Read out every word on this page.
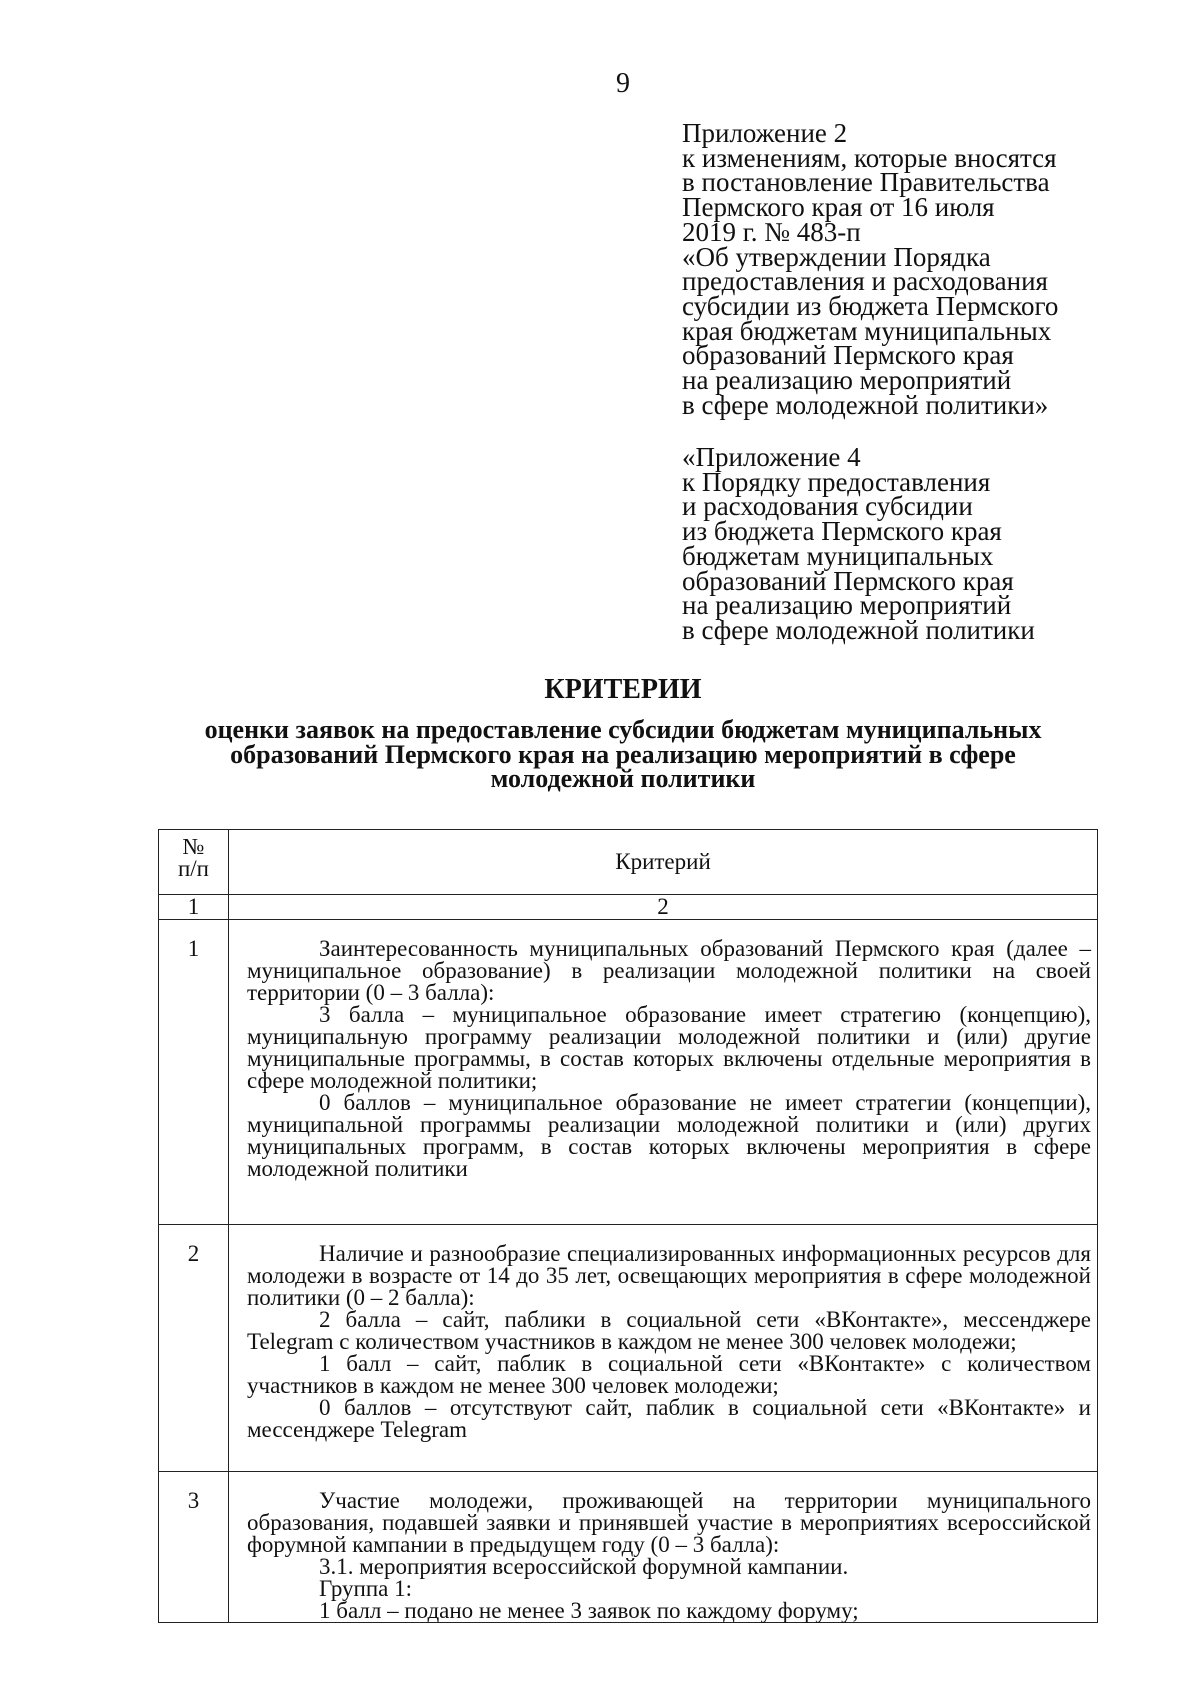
9
Приложение 2
к изменениям, которые вносятся
в постановление Правительства
Пермского края от 16 июля
2019 г. № 483-п
«Об утверждении Порядка
предоставления и расходования
субсидии из бюджета Пермского
края бюджетам муниципальных
образований Пермского края
на реализацию мероприятий
в сфере молодежной политики»
«Приложение 4
к Порядку предоставления
и расходования субсидии
из бюджета Пермского края
бюджетам муниципальных
образований Пермского края
на реализацию мероприятий
в сфере молодежной политики
КРИТЕРИИ
оценки заявок на предоставление субсидии бюджетам муниципальных
образований Пермского края на реализацию мероприятий в сфере
молодежной политики
№
п/п	Критерий
1	2
1	Заинтересованность муниципальных образований Пермского края (далее – муниципальное образование) в реализации молодежной политики на своей территории (0 – 3 балла):

3 балла – муниципальное образование имеет стратегию (концепцию), муниципальную программу реализации молодежной политики и (или) другие муниципальные программы, в состав которых включены отдельные мероприятия в сфере молодежной политики;

0 баллов – муниципальное образование не имеет стратегии (концепции), муниципальной программы реализации молодежной политики и (или) других муниципальных программ, в состав которых включены мероприятия в сфере молодежной политики

2	Наличие и разнообразие специализированных информационных ресурсов для молодежи в возрасте от 14 до 35 лет, освещающих мероприятия в сфере молодежной политики (0 – 2 балла):

2 балла – сайт, паблики в социальной сети «ВКонтакте», мессенджере Telegram с количеством участников в каждом не менее 300 человек молодежи;

1 балл – сайт, паблик в социальной сети «ВКонтакте» с количеством участников в каждом не менее 300 человек молодежи;

0 баллов – отсутствуют сайт, паблик в социальной сети «ВКонтакте» и мессенджере Telegram

3	Участие молодежи, проживающей на территории муниципального образования, подавшей заявки и принявшей участие в мероприятиях всероссийской форумной кампании в предыдущем году (0 – 3 балла):

3.1. мероприятия всероссийской форумной кампании.

Группа 1:

1 балл – подано не менее 3 заявок по каждому форуму;
